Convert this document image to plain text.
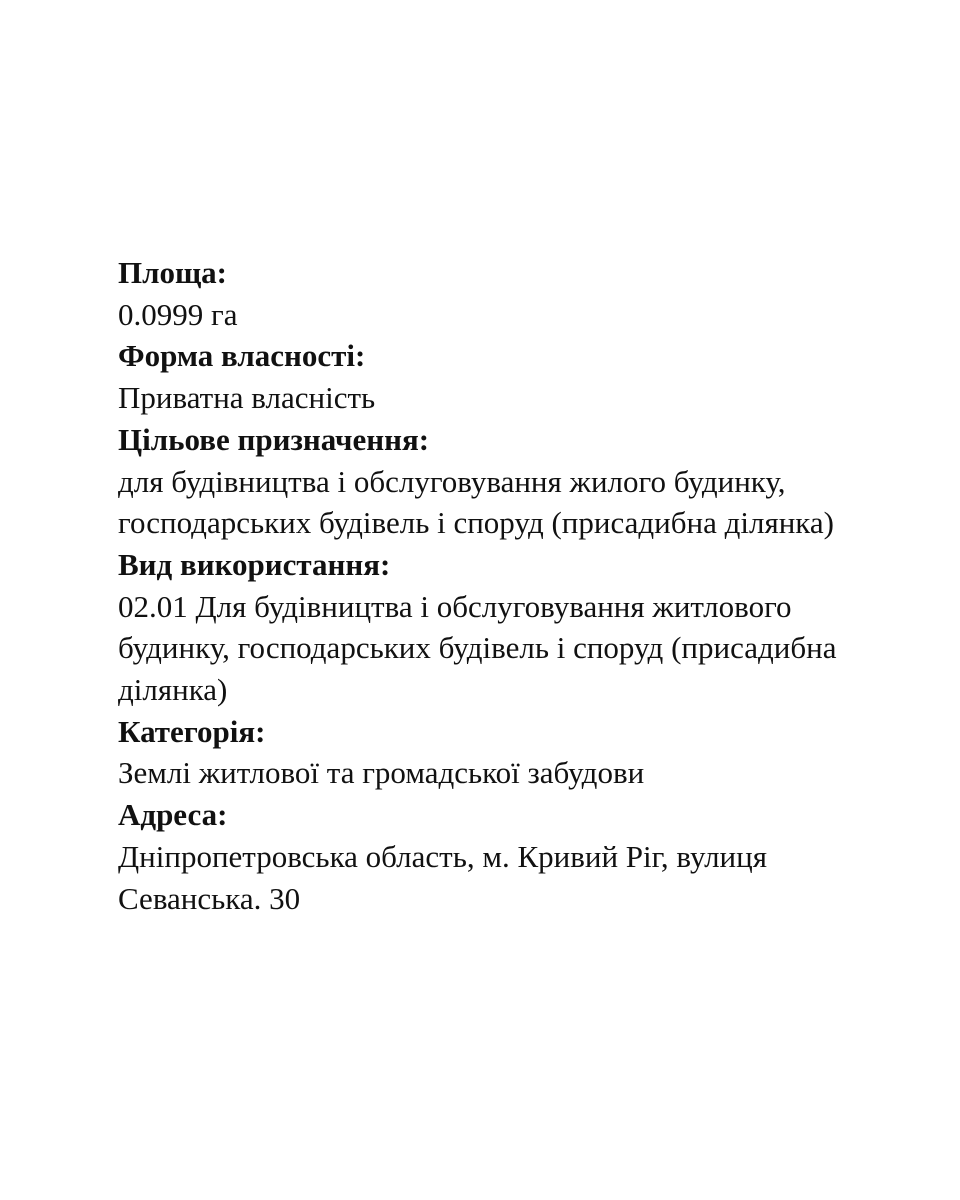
Площа:

0.0999 га

Форма власності:

Приватна власність

Цільове призначення:

для будівництва і обслуговування жилого будинку, господарських будівель і споруд (присадибна ділянка)

Вид використання:

02.01 Для будівництва і обслуговування житлового будинку, господарських будівель і споруд (присадибна ділянка)

Категорія:

Землі житлової та громадської забудови

Адреса:

Дніпропетровська область, м. Кривий Ріг, вулиця Севанська. 30
